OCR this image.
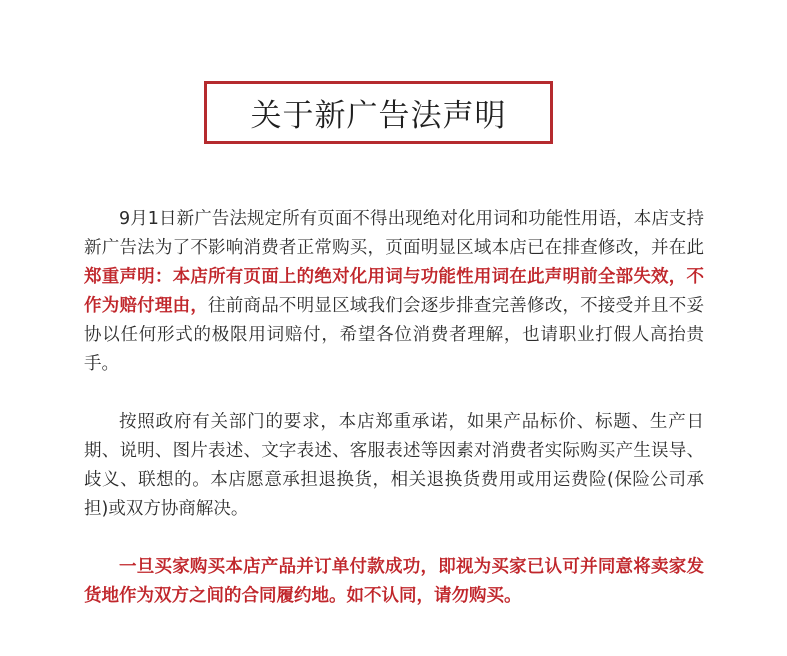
关于新广告法声明

9月1日新广告法规定所有页面不得出现绝对化用词和功能性用语，本店支持新广告法为了不影响消费者正常购买，页面明显区域本店已在排查修改，并在此郑重声明：本店所有页面上的绝对化用词与功能性用词在此声明前全部失效，不作为赔付理由，往前商品不明显区域我们会逐步排查完善修改，不接受并且不妥协以任何形式的极限用词赔付，希望各位消费者理解，也请职业打假人高抬贵手。

按照政府有关部门的要求，本店郑重承诺，如果产品标价、标题、生产日期、说明、图片表述、文字表述、客服表述等因素对消费者实际购买产生误导、歧义、联想的。本店愿意承担退换货，相关退换货费用或用运费险(保险公司承担)或双方协商解决。

一旦买家购买本店产品并订单付款成功，即视为买家已认可并同意将卖家发货地作为双方之间的合同履约地。如不认同，请勿购买。
